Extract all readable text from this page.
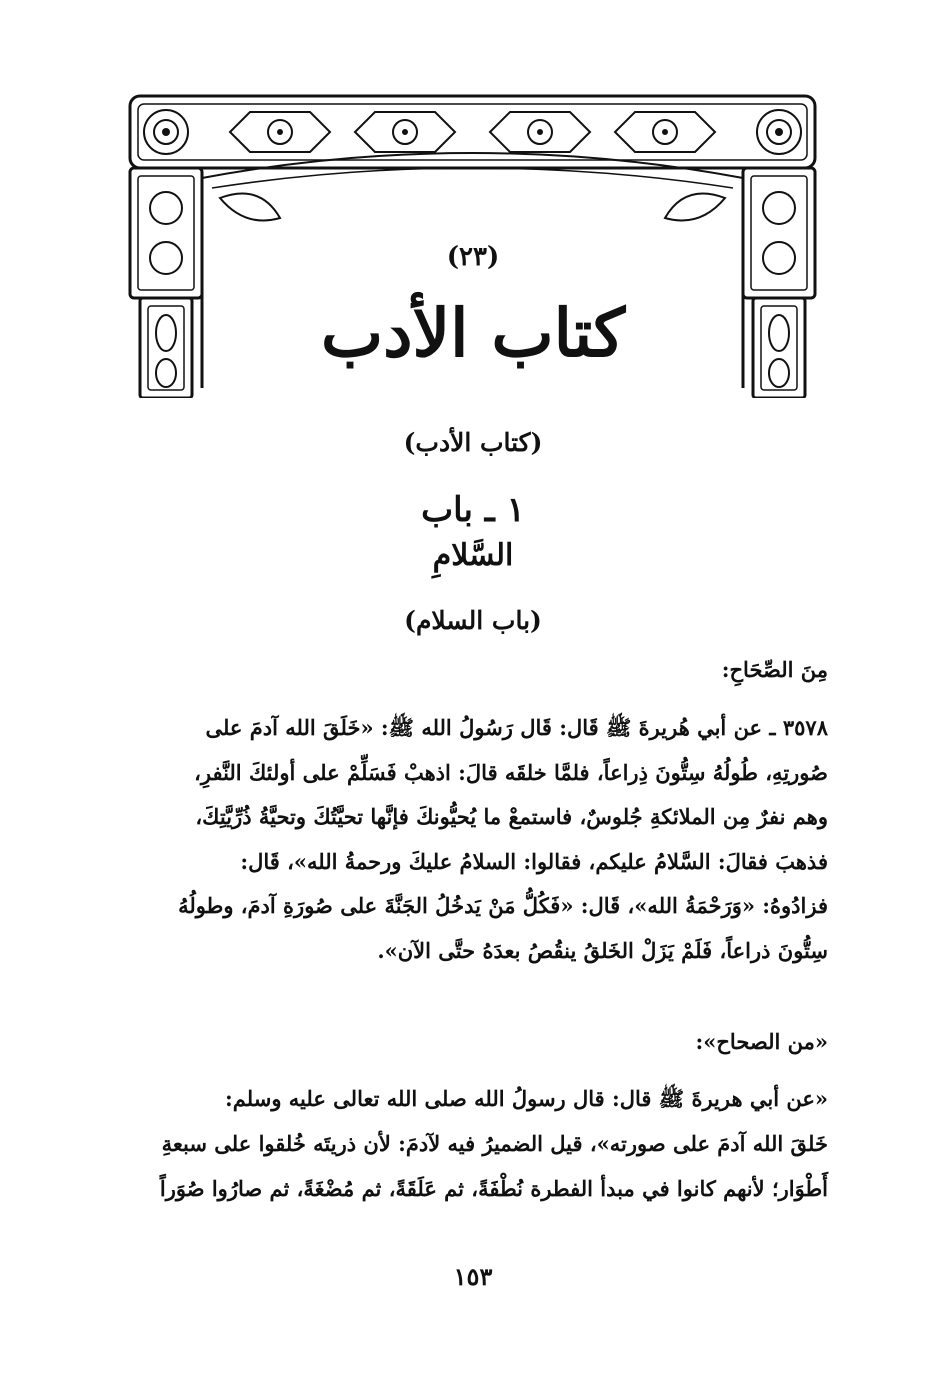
(٢٣)
كتاب الأدب
(كتاب الأدب)
١ ـ باب
السَّلامِ
(باب السلام)

مِنَ الصِّحَاحِ:

٣٥٧٨ ـ عن أبي هُريرةَ ﷺ قَال: قَال رَسُولُ الله ﷺ: «خَلَقَ الله آدمَ على

صُورتِهِ، طُولُهُ سِتُّونَ ذِراعاً، فلمَّا خلقَه قالَ: اذهبْ فَسَلِّمْ على أولئكَ النَّفرِ،

وهم نفرٌ مِن الملائكةِ جُلوسٌ، فاستمعْ ما يُحيُّونكَ فإنَّها تحيَّتُكَ وتحيَّةُ ذُرِّيَّتِكَ،

فذهبَ فقالَ: السَّلامُ عليكم، فقالوا: السلامُ عليكَ ورحمةُ الله»، قَال:

فزادُوهُ: «وَرَحْمَةُ الله»، قَال: «فَكُلُّ مَنْ يَدخُلُ الجَنَّةَ على صُورَةِ آدمَ، وطولُهُ

سِتُّونَ ذراعاً، فَلَمْ يَزَلْ الخَلقُ ينقُصُ بعدَهُ حتَّى الآن».

«من الصحاح»:

«عن أبي هريرةَ ﷺ قال: قال رسولُ الله صلى الله تعالى عليه وسلم:

خَلقَ الله آدمَ على صورته»، قيل الضميرُ فيه لآدمَ: لأن ذريتَه خُلقوا على سبعةِ

أَطْوَار؛ لأنهم كانوا في مبدأ الفطرة نُطْفَةً، ثم عَلَقَةً، ثم مُضْغَةً، ثم صارُوا صُوَراً

١٥٣
